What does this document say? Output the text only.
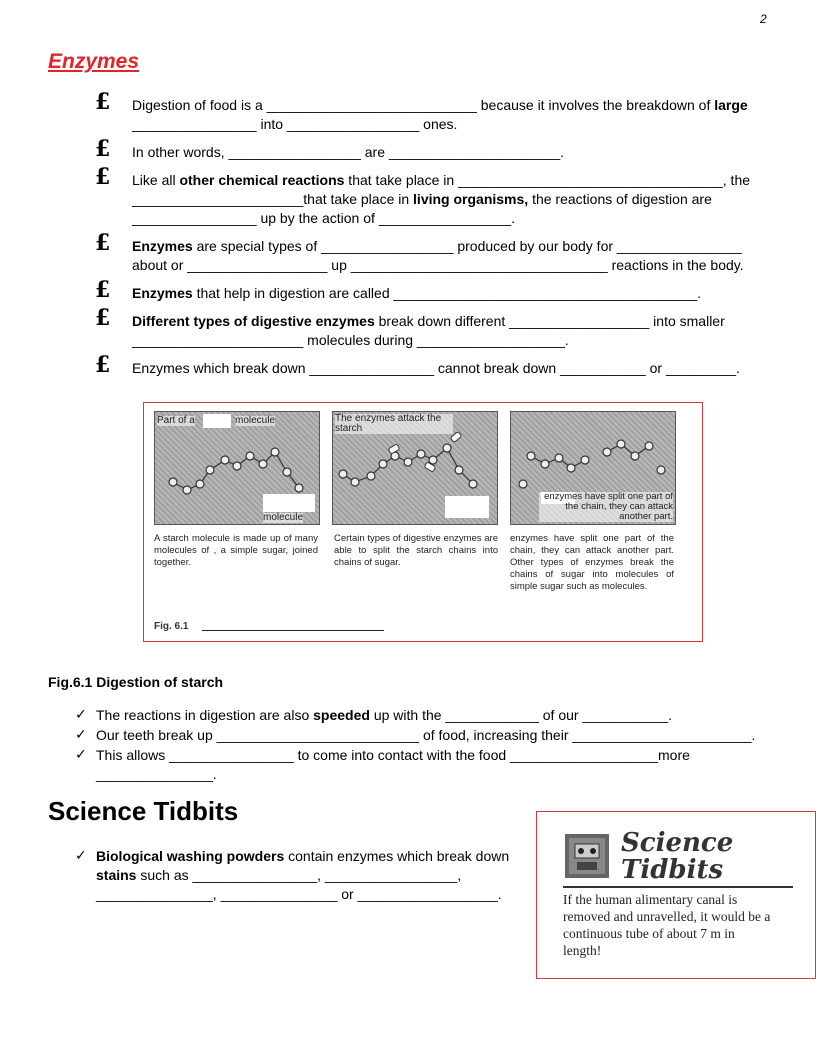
2
Enzymes
£ Digestion of food is a ___________________________ because it involves the breakdown of large ________________ into _________________ ones.
£ In other words, _________________ are ______________________.
£ Like all other chemical reactions that take place in __________________________________, the ______________________that take place in living organisms, the reactions of digestion are ________________ up by the action of _________________.
£ Enzymes are special types of _________________ produced by our body for ________________ about or __________________ up _________________________________ reactions in the body.
£ Enzymes that help in digestion are called _______________________________________.
£ Different types of digestive enzymes break down different __________________ into smaller ______________________ molecules during ___________________.
£ Enzymes which break down ________________ cannot break down ___________ or _________.
Part of a	molecule
molecule
The enzymes attack the starch
enzymes have split one part of the chain, they can attack another part.
A starch molecule is made up of many molecules of , a simple sugar, joined together.
Certain types of digestive enzymes are able to split the starch chains into chains of sugar.
enzymes have split one part of the chain, they can attack another part. Other types of enzymes break the chains of sugar into molecules of simple sugar such as molecules.
Fig. 6.1
Fig.6.1 Digestion of starch
✓ The reactions in digestion are also speeded up with the ____________ of our ___________.
✓ Our teeth break up __________________________ of food, increasing their _______________________.
✓ This allows ________________ to come into contact with the food ___________________more _______________.
Science Tidbits
✓ Biological washing powders contain enzymes which break down stains such as ________________, _________________, _______________, _______________ or __________________.
Science
Tidbits
If the human alimentary canal is removed and unravelled, it would be a continuous tube of about 7 m in length!
